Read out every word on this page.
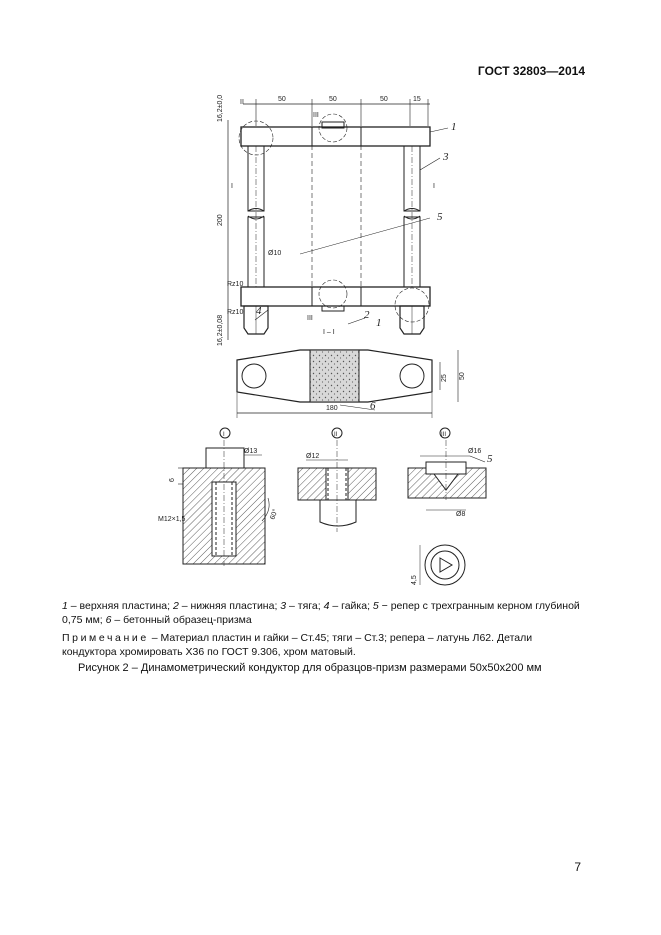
ГОСТ 32803—2014
50	50	50	15
16,2±0,0
200
16,2±0,08
Ø10
Rz10
Rz10
II
III
I	I
III
I – I
180
25 50
I
Ø13
6
M12×1,5	60°
II
Ø12
III
Ø16
Ø8
4,5
1
3
5
4	2
1
6
5
1 – верхняя пластина; 2 – нижняя пластина; 3 – тяга; 4 – гайка; 5 − репер с трехгранным керном глубиной 0,75 мм; 6 – бетонный образец-призма
Примечание – Материал пластин и гайки – Ст.45; тяги – Ст.3; репера – латунь Л62. Детали кондуктора хромировать Х36 по ГОСТ 9.306, хром матовый.
Рисунок 2 – Динамометрический кондуктор для образцов-призм размерами 50х50х200 мм
7
